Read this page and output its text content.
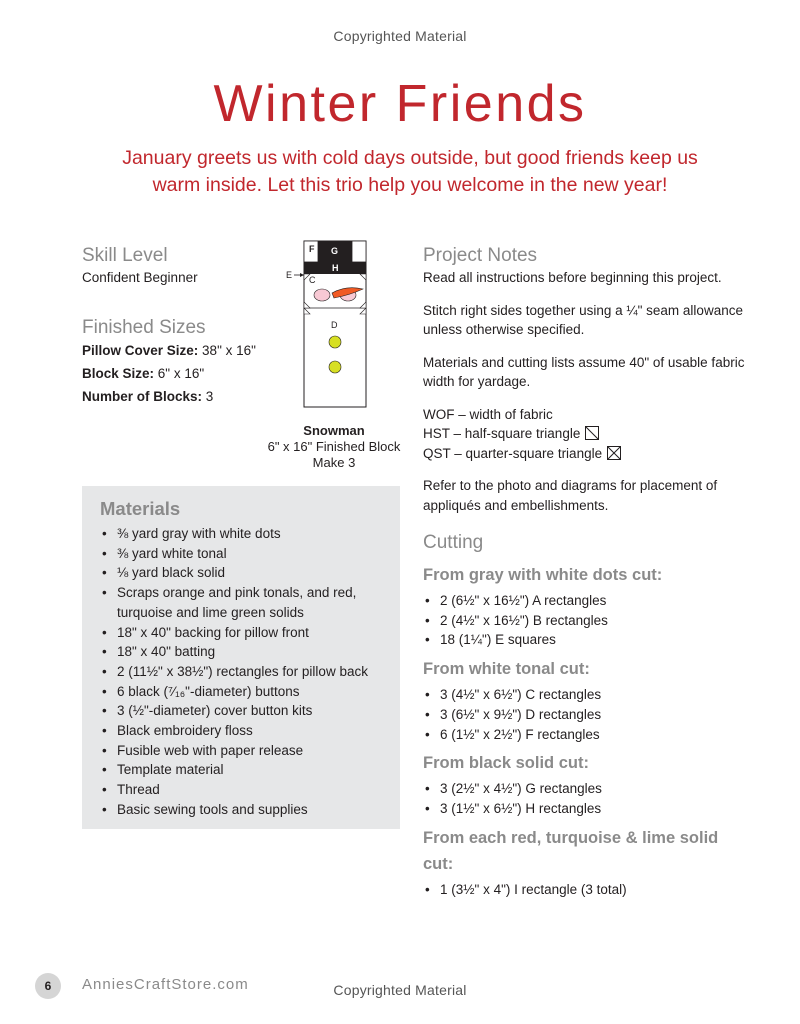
Copyrighted Material
Winter Friends
January greets us with cold days outside, but good friends keep us warm inside. Let this trio help you welcome in the new year!
Skill Level
Confident Beginner
Finished Sizes

Pillow Cover Size: 38" x 16"

Block Size: 6" x 16"

Number of Blocks: 3

F G
H
E C
D
Snowman
6" x 16" Finished Block
Make 3
Materials
• ⅜ yard gray with white dots
• ⅜ yard white tonal
• ⅛ yard black solid
• Scraps orange and pink tonals, and red, turquoise and lime green solids
• 18" x 40" backing for pillow front
• 18" x 40" batting
• 2 (11½" x 38½") rectangles for pillow back
• 6 black (⁷⁄₁₆"-diameter) buttons
• 3 (½"-diameter) cover button kits
• Black embroidery floss
• Fusible web with paper release
• Template material
• Thread
• Basic sewing tools and supplies
Project Notes

Read all instructions before beginning this project.

Stitch right sides together using a ¼" seam allowance unless otherwise specified.

Materials and cutting lists assume 40" of usable fabric width for yardage.

WOF – width of fabric

HST – half-square triangle

QST – quarter-square triangle

Refer to the photo and diagrams for placement of appliqués and embellishments.

Cutting
From gray with white dots cut:
• 2 (6½" x 16½") A rectangles
• 2 (4½" x 16½") B rectangles
• 18 (1¼") E squares
From white tonal cut:
• 3 (4½" x 6½") C rectangles
• 3 (6½" x 9½") D rectangles
• 6 (1½" x 2½") F rectangles
From black solid cut:
• 3 (2½" x 4½") G rectangles
• 3 (1½" x 6½") H rectangles
From each red, turquoise & lime solid cut:
• 1 (3½" x 4") I rectangle (3 total)
6	AnniesCraftStore.com	Copyrighted Material
